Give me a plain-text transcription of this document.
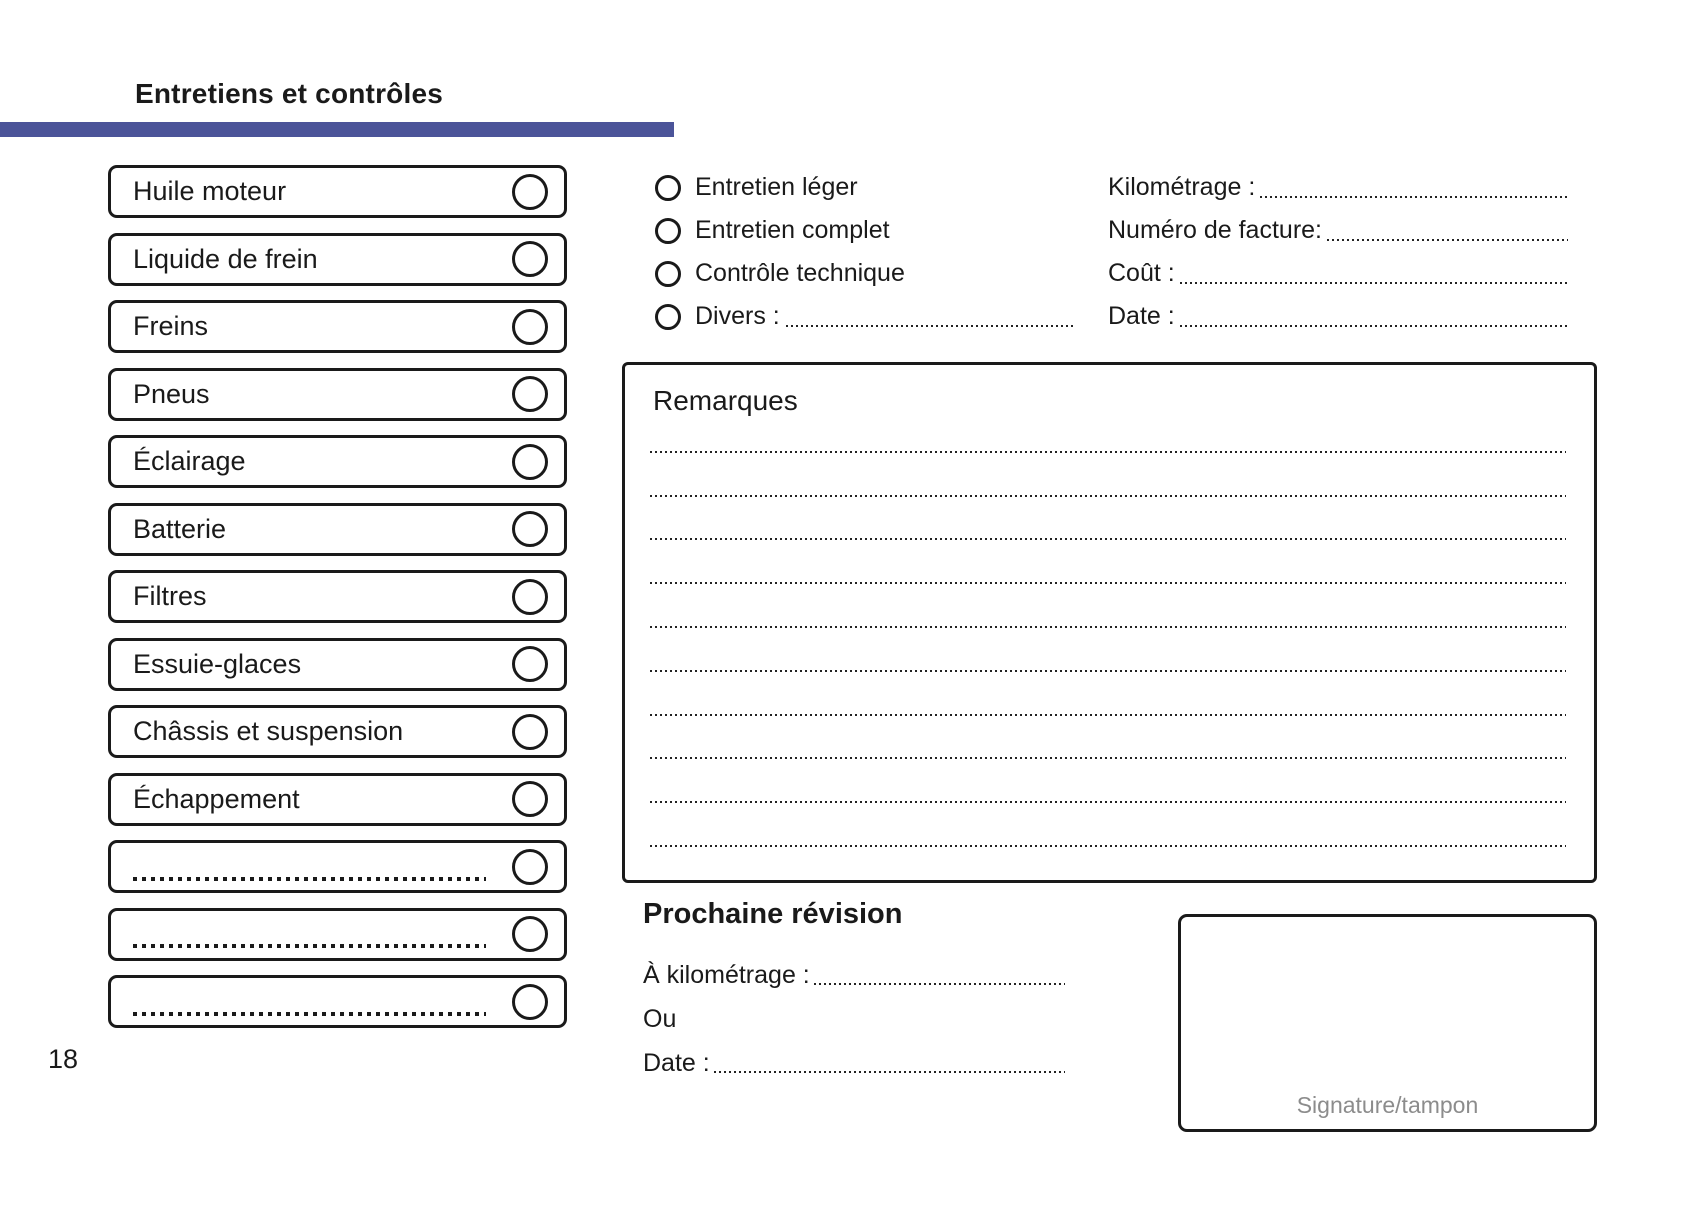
Entretiens et contrôles
Huile moteur
Liquide de frein
Freins
Pneus
Éclairage
Batterie
Filtres
Essuie-glaces
Châssis et suspension
Échappement
Entretien léger
Entretien complet
Contrôle technique
Divers :
Kilométrage :
Numéro de facture:
Coût :
Date :
Remarques
Prochaine révision
À kilométrage :
Ou
Date :
Signature/tampon
18
